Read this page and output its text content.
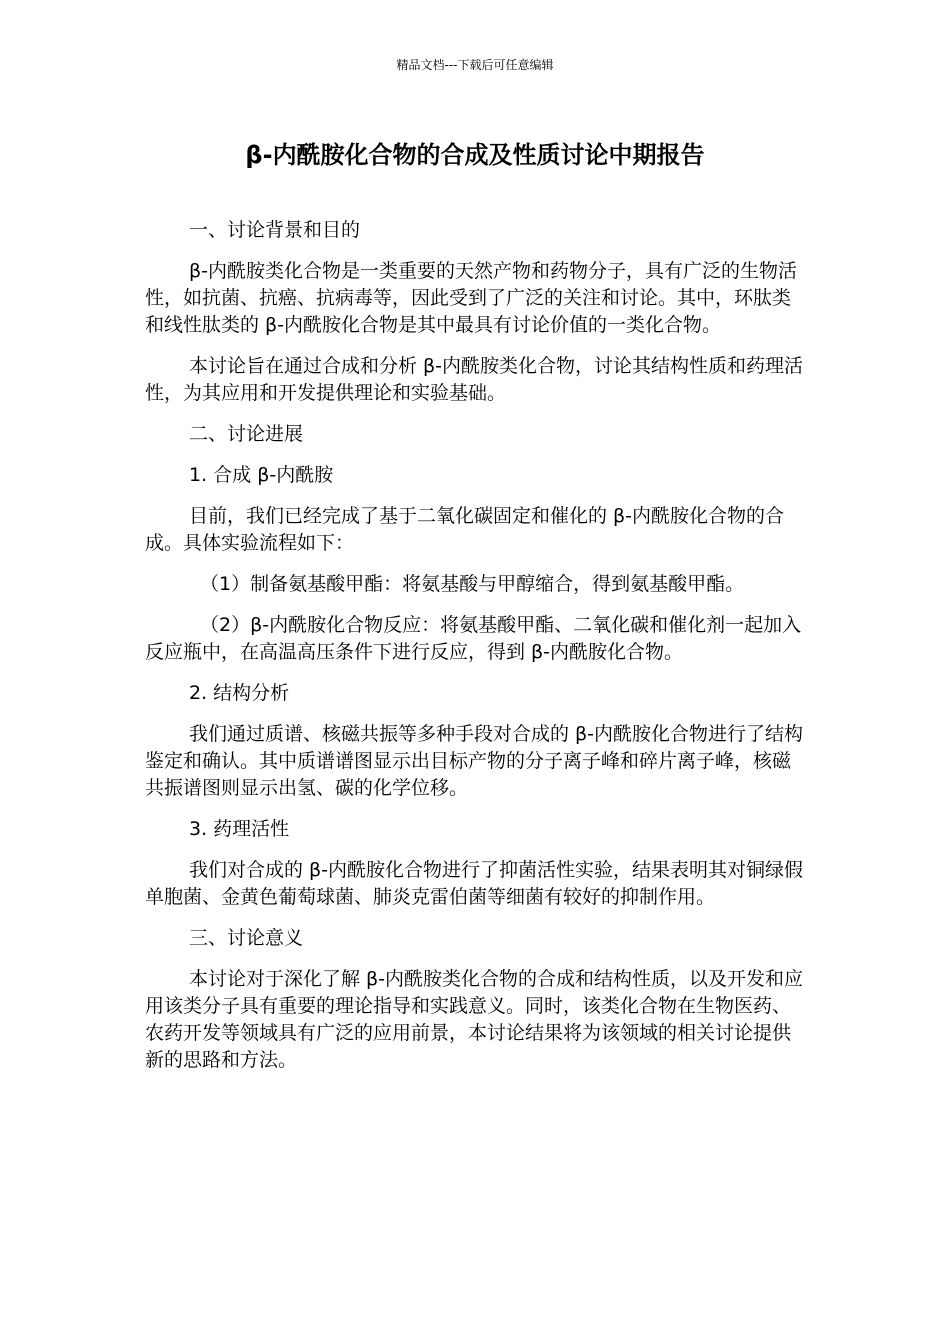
精品文档---下载后可任意编辑
β-内酰胺化合物的合成及性质讨论中期报告

一、讨论背景和目的

β-内酰胺类化合物是一类重要的天然产物和药物分子，具有广泛的生物活性，如抗菌、抗癌、抗病毒等，因此受到了广泛的关注和讨论。其中，环肽类和线性肽类的 β-内酰胺化合物是其中最具有讨论价值的一类化合物。

本讨论旨在通过合成和分析 β-内酰胺类化合物，讨论其结构性质和药理活性，为其应用和开发提供理论和实验基础。

二、讨论进展

1. 合成 β-内酰胺

目前，我们已经完成了基于二氧化碳固定和催化的 β-内酰胺化合物的合成。具体实验流程如下：

（1）制备氨基酸甲酯：将氨基酸与甲醇缩合，得到氨基酸甲酯。

（2）β-内酰胺化合物反应：将氨基酸甲酯、二氧化碳和催化剂一起加入反应瓶中，在高温高压条件下进行反应，得到 β-内酰胺化合物。

2. 结构分析

我们通过质谱、核磁共振等多种手段对合成的 β-内酰胺化合物进行了结构鉴定和确认。其中质谱谱图显示出目标产物的分子离子峰和碎片离子峰，核磁共振谱图则显示出氢、碳的化学位移。

3. 药理活性

我们对合成的 β-内酰胺化合物进行了抑菌活性实验，结果表明其对铜绿假单胞菌、金黄色葡萄球菌、肺炎克雷伯菌等细菌有较好的抑制作用。

三、讨论意义

本讨论对于深化了解 β-内酰胺类化合物的合成和结构性质，以及开发和应用该类分子具有重要的理论指导和实践意义。同时，该类化合物在生物医药、农药开发等领域具有广泛的应用前景，本讨论结果将为该领域的相关讨论提供新的思路和方法。
